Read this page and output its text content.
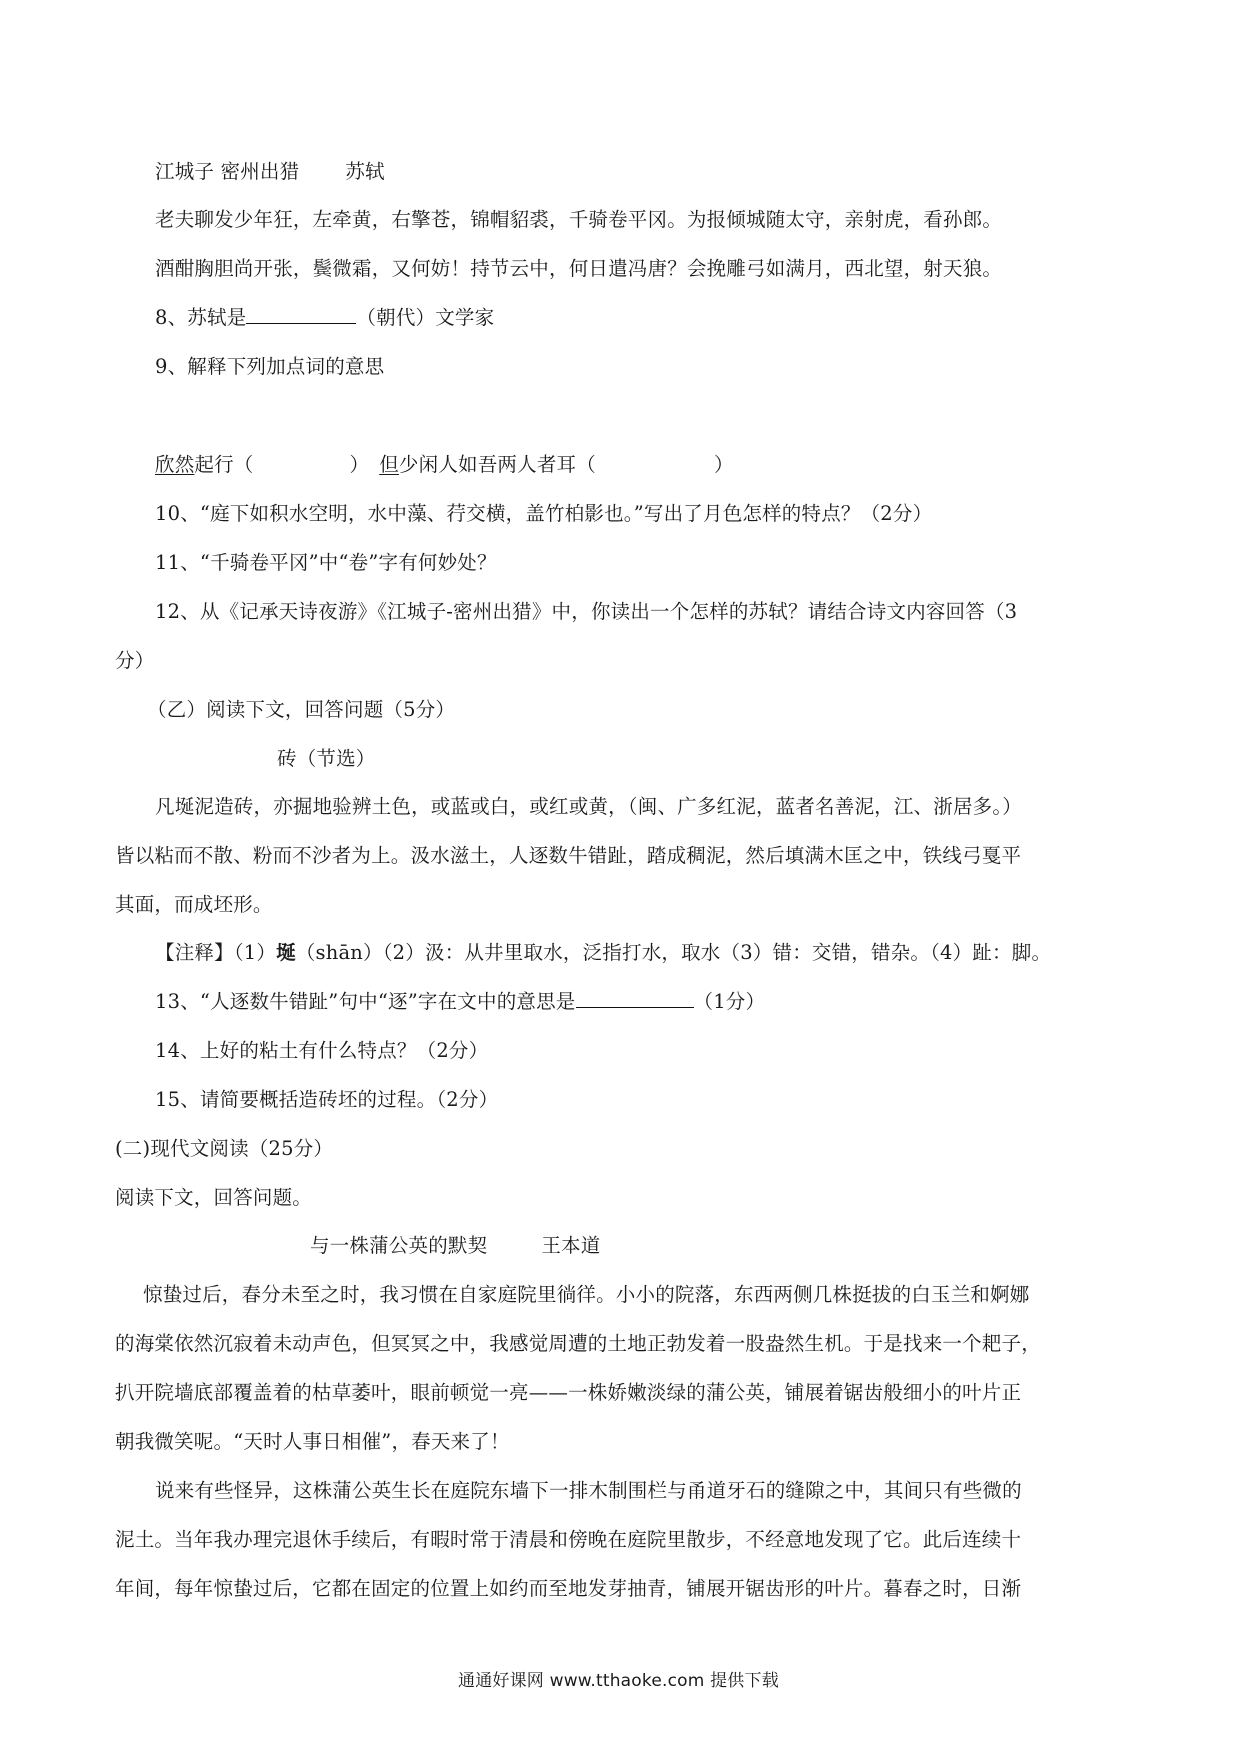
江城子 密州出猎 苏轼
老夫聊发少年狂，左牵黄，右擎苍，锦帽貂裘，千骑卷平冈。为报倾城随太守，亲射虎，看孙郎。
酒酣胸胆尚开张，鬓微霜，又何妨！持节云中，何日遣冯唐？会挽雕弓如满月，西北望，射天狼。
8、苏轼是	（朝代）文学家
9、解释下列加点词的意思
欣然起行（	） 但少闲人如吾两人者耳（	）
10、“庭下如积水空明，水中藻、荇交横，盖竹柏影也。”写出了月色怎样的特点？（2分）
11、“千骑卷平冈”中“卷”字有何妙处？
12、从《记承天诗夜游》《江城子-密州出猎》中，你读出一个怎样的苏轼？请结合诗文内容回答（3
分）
（乙）阅读下文，回答问题（5分）
砖（节选）
凡埏泥造砖，亦掘地验辨土色，或蓝或白，或红或黄，（闽、广多红泥，蓝者名善泥，江、浙居多。）
皆以粘而不散、粉而不沙者为上。汲水滋土，人逐数牛错趾，踏成稠泥，然后填满木匡之中，铁线弓戛平
其面，而成坯形。
【注释】（1）埏（shān）（2）汲：从井里取水，泛指打水，取水（3）错：交错，错杂。（4）趾：脚。
13、“人逐数牛错趾”句中“逐”字在文中的意思是	（1分）
14、上好的粘土有什么特点？（2分）
15、请简要概括造砖坯的过程。（2分）
(二)现代文阅读（25分）
阅读下文，回答问题。
与一株蒲公英的默契	王本道
惊蛰过后，春分未至之时，我习惯在自家庭院里徜徉。小小的院落，东西两侧几株挺拔的白玉兰和婀娜
的海棠依然沉寂着未动声色，但冥冥之中，我感觉周遭的土地正勃发着一股盎然生机。于是找来一个耙子，
扒开院墙底部覆盖着的枯草萎叶，眼前顿觉一亮——一株娇嫩淡绿的蒲公英，铺展着锯齿般细小的叶片正
朝我微笑呢。“天时人事日相催”，春天来了！
说来有些怪异，这株蒲公英生长在庭院东墙下一排木制围栏与甬道牙石的缝隙之中，其间只有些微的
泥土。当年我办理完退休手续后，有暇时常于清晨和傍晚在庭院里散步，不经意地发现了它。此后连续十
年间，每年惊蛰过后，它都在固定的位置上如约而至地发芽抽青，铺展开锯齿形的叶片。暮春之时，日渐
通通好课网 www.tthaoke.com 提供下载
